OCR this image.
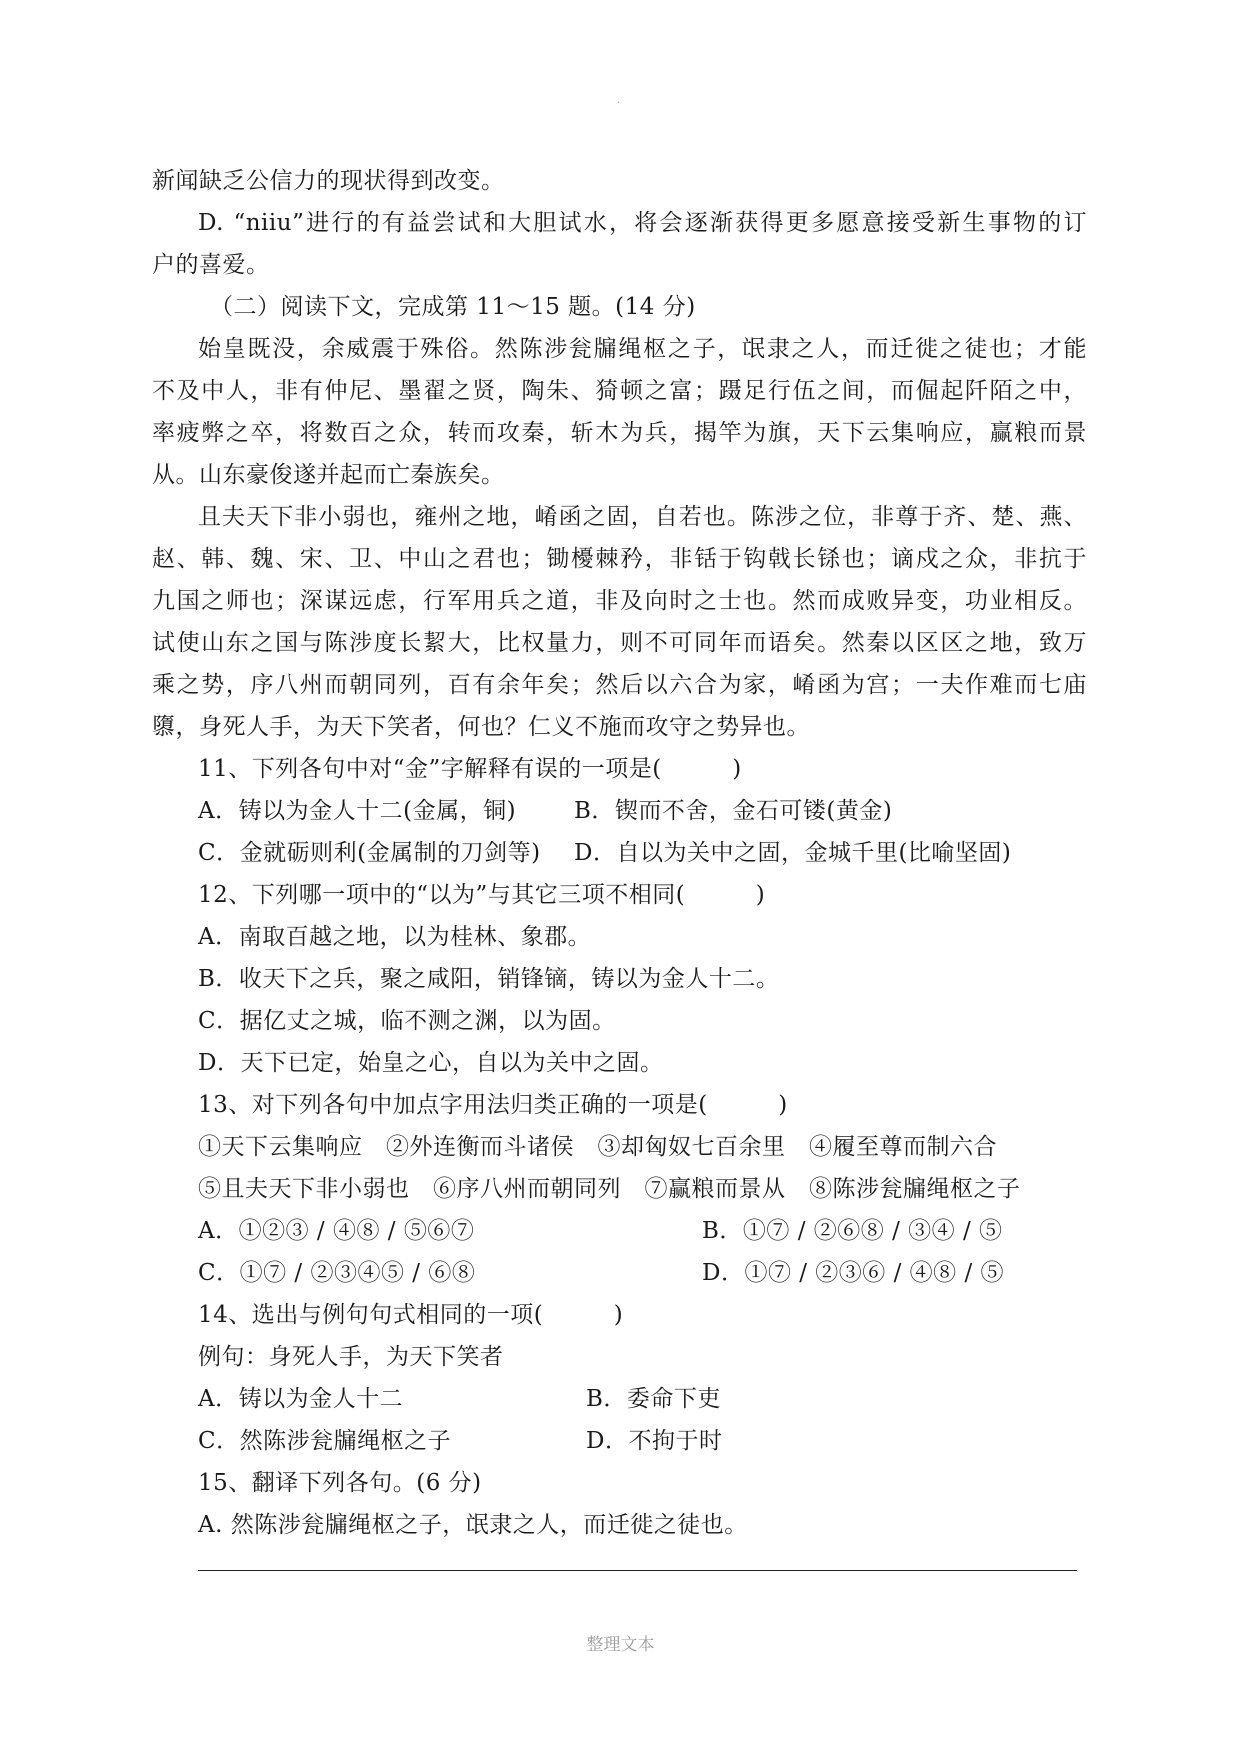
·
新闻缺乏公信力的现状得到改变。
D. “niiu”进行的有益尝试和大胆试水，将会逐渐获得更多愿意接受新生事物的订
户的喜爱。
（二）阅读下文，完成第 11～15 题。(14 分)
始皇既没，余威震于殊俗。然陈涉瓮牖绳枢之子，氓隶之人，而迁徙之徒也；才能
不及中人，非有仲尼、墨翟之贤，陶朱、猗顿之富；蹑足行伍之间，而倔起阡陌之中，
率疲弊之卒，将数百之众，转而攻秦，斩木为兵，揭竿为旗，天下云集响应，赢粮而景
从。山东豪俊遂并起而亡秦族矣。
且夫天下非小弱也，雍州之地，崤函之固，自若也。陈涉之位，非尊于齐、楚、燕、
赵、韩、魏、宋、卫、中山之君也；锄櫌棘矜，非铦于钩戟长铩也；谪戍之众，非抗于
九国之师也；深谋远虑，行军用兵之道，非及向时之士也。然而成败异变，功业相反。
试使山东之国与陈涉度长絜大，比权量力，则不可同年而语矣。然秦以区区之地，致万
乘之势，序八州而朝同列，百有余年矣；然后以六合为家，崤函为宫；一夫作难而七庙
隳，身死人手，为天下笑者，何也？仁义不施而攻守之势异也。
11、下列各句中对“金”字解释有误的一项是(　　　)
A．铸以为金人十二(金属，铜)	B．锲而不舍，金石可镂(黄金)
C．金就砺则利(金属制的刀剑等)	D．自以为关中之固，金城千里(比喻坚固)
12、下列哪一项中的“以为”与其它三项不相同(　　　)
A．南取百越之地，以为桂林、象郡。
B．收天下之兵，聚之咸阳，销锋镝，铸以为金人十二。
C．据亿丈之城，临不测之渊，以为固。
D．天下已定，始皇之心，自以为关中之固。
13、对下列各句中加点字用法归类正确的一项是(　　　)
①天下云集响应　②外连衡而斗诸侯　③却匈奴七百余里　④履至尊而制六合
⑤且夫天下非小弱也　⑥序八州而朝同列　⑦赢粮而景从　⑧陈涉瓮牖绳枢之子
A．①②③ / ④⑧ / ⑤⑥⑦	B．①⑦ / ②⑥⑧ / ③④ / ⑤
C．①⑦ / ②③④⑤ / ⑥⑧	D．①⑦ / ②③⑥ / ④⑧ / ⑤
14、选出与例句句式相同的一项(　　　)
例句：身死人手，为天下笑者
A．铸以为金人十二	B．委命下吏
C．然陈涉瓮牖绳枢之子	D．不拘于时
15、翻译下列各句。(6 分)
A. 然陈涉瓮牖绳枢之子，氓隶之人，而迁徙之徒也。
整理文本
